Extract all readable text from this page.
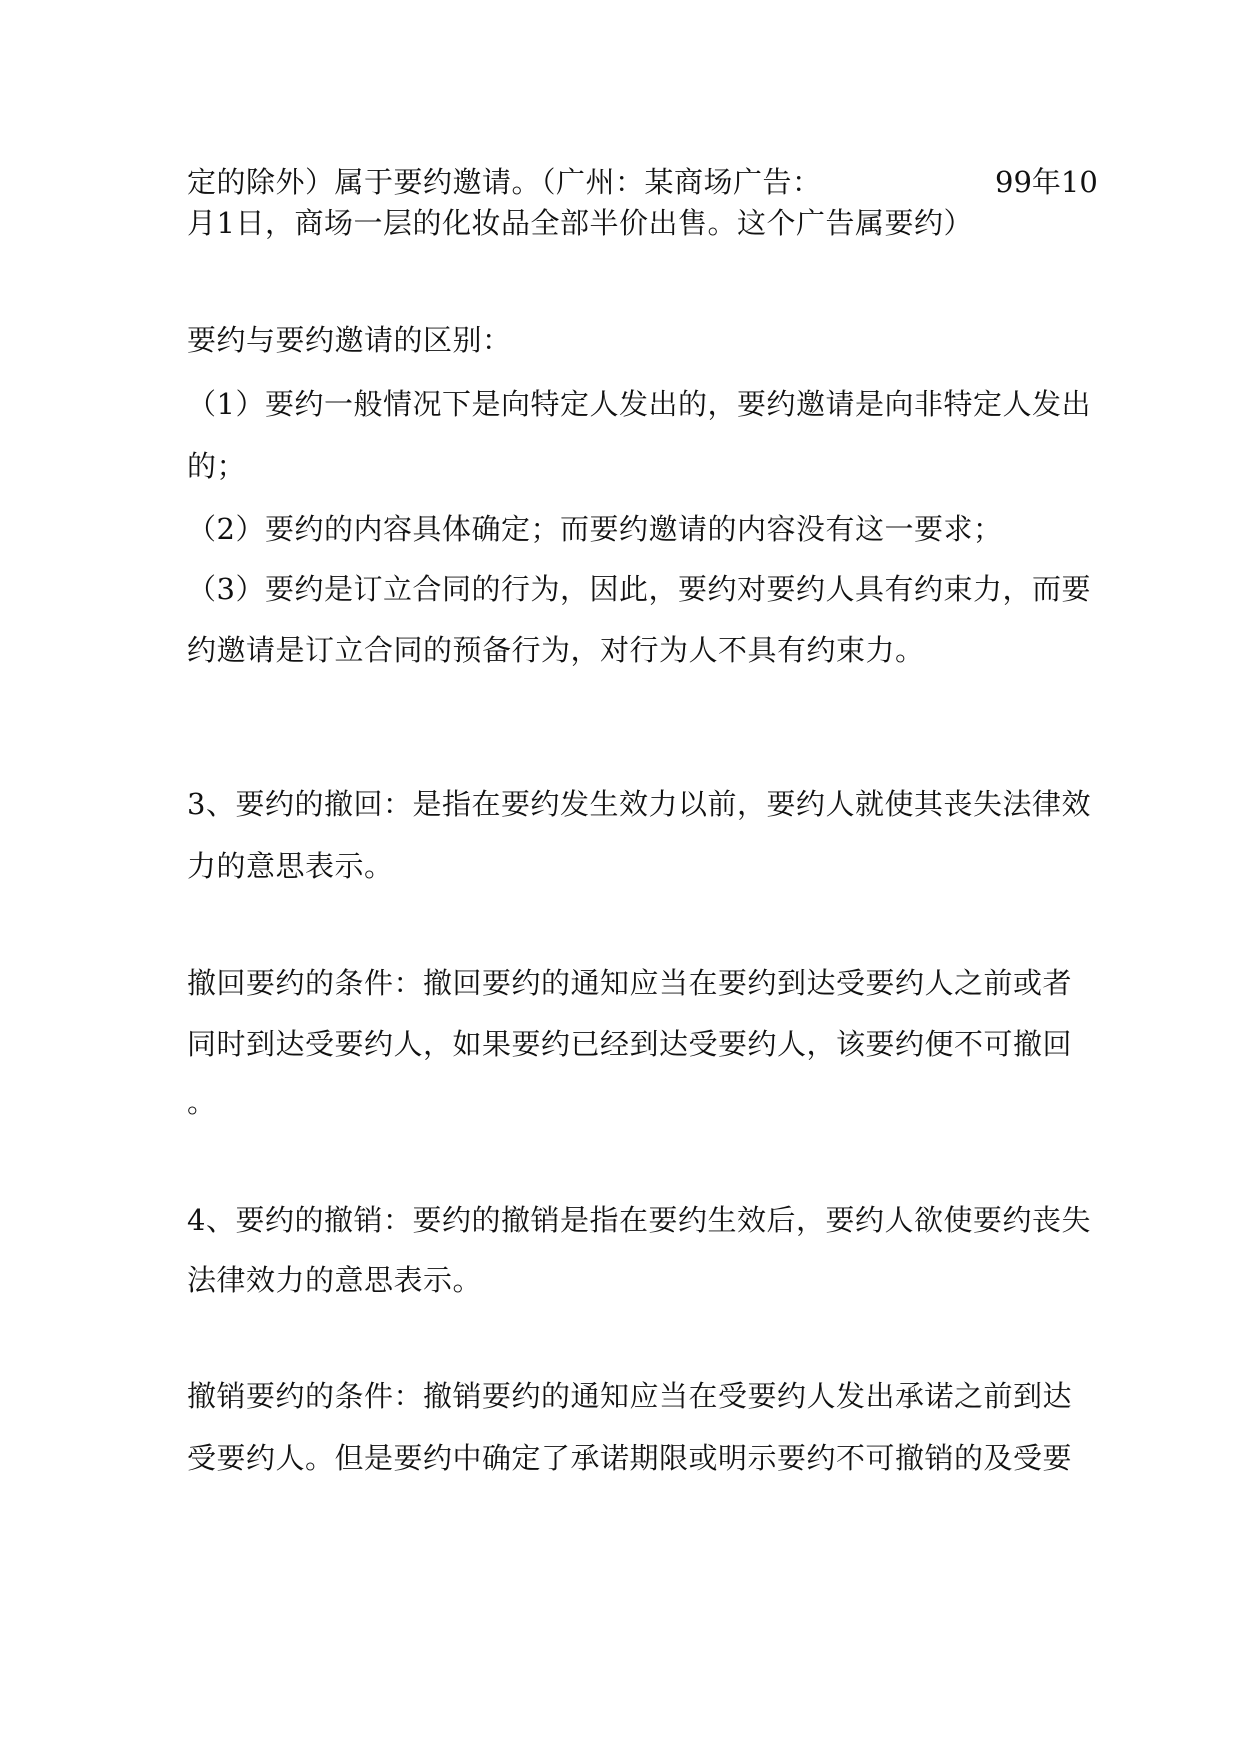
定的除外）属于要约邀请。（广州：某商场广告：	99年10
月1日，商场一层的化妆品全部半价出售。这个广告属要约）
要约与要约邀请的区别：
（1）要约一般情况下是向特定人发出的，要约邀请是向非特定人发出
的；
（2）要约的内容具体确定；而要约邀请的内容没有这一要求；
（3）要约是订立合同的行为，因此，要约对要约人具有约束力，而要
约邀请是订立合同的预备行为，对行为人不具有约束力。
3、要约的撤回：是指在要约发生效力以前，要约人就使其丧失法律效
力的意思表示。
撤回要约的条件：撤回要约的通知应当在要约到达受要约人之前或者
同时到达受要约人，如果要约已经到达受要约人，该要约便不可撤回
。
4、要约的撤销：要约的撤销是指在要约生效后，要约人欲使要约丧失
法律效力的意思表示。
撤销要约的条件：撤销要约的通知应当在受要约人发出承诺之前到达
受要约人。但是要约中确定了承诺期限或明示要约不可撤销的及受要
